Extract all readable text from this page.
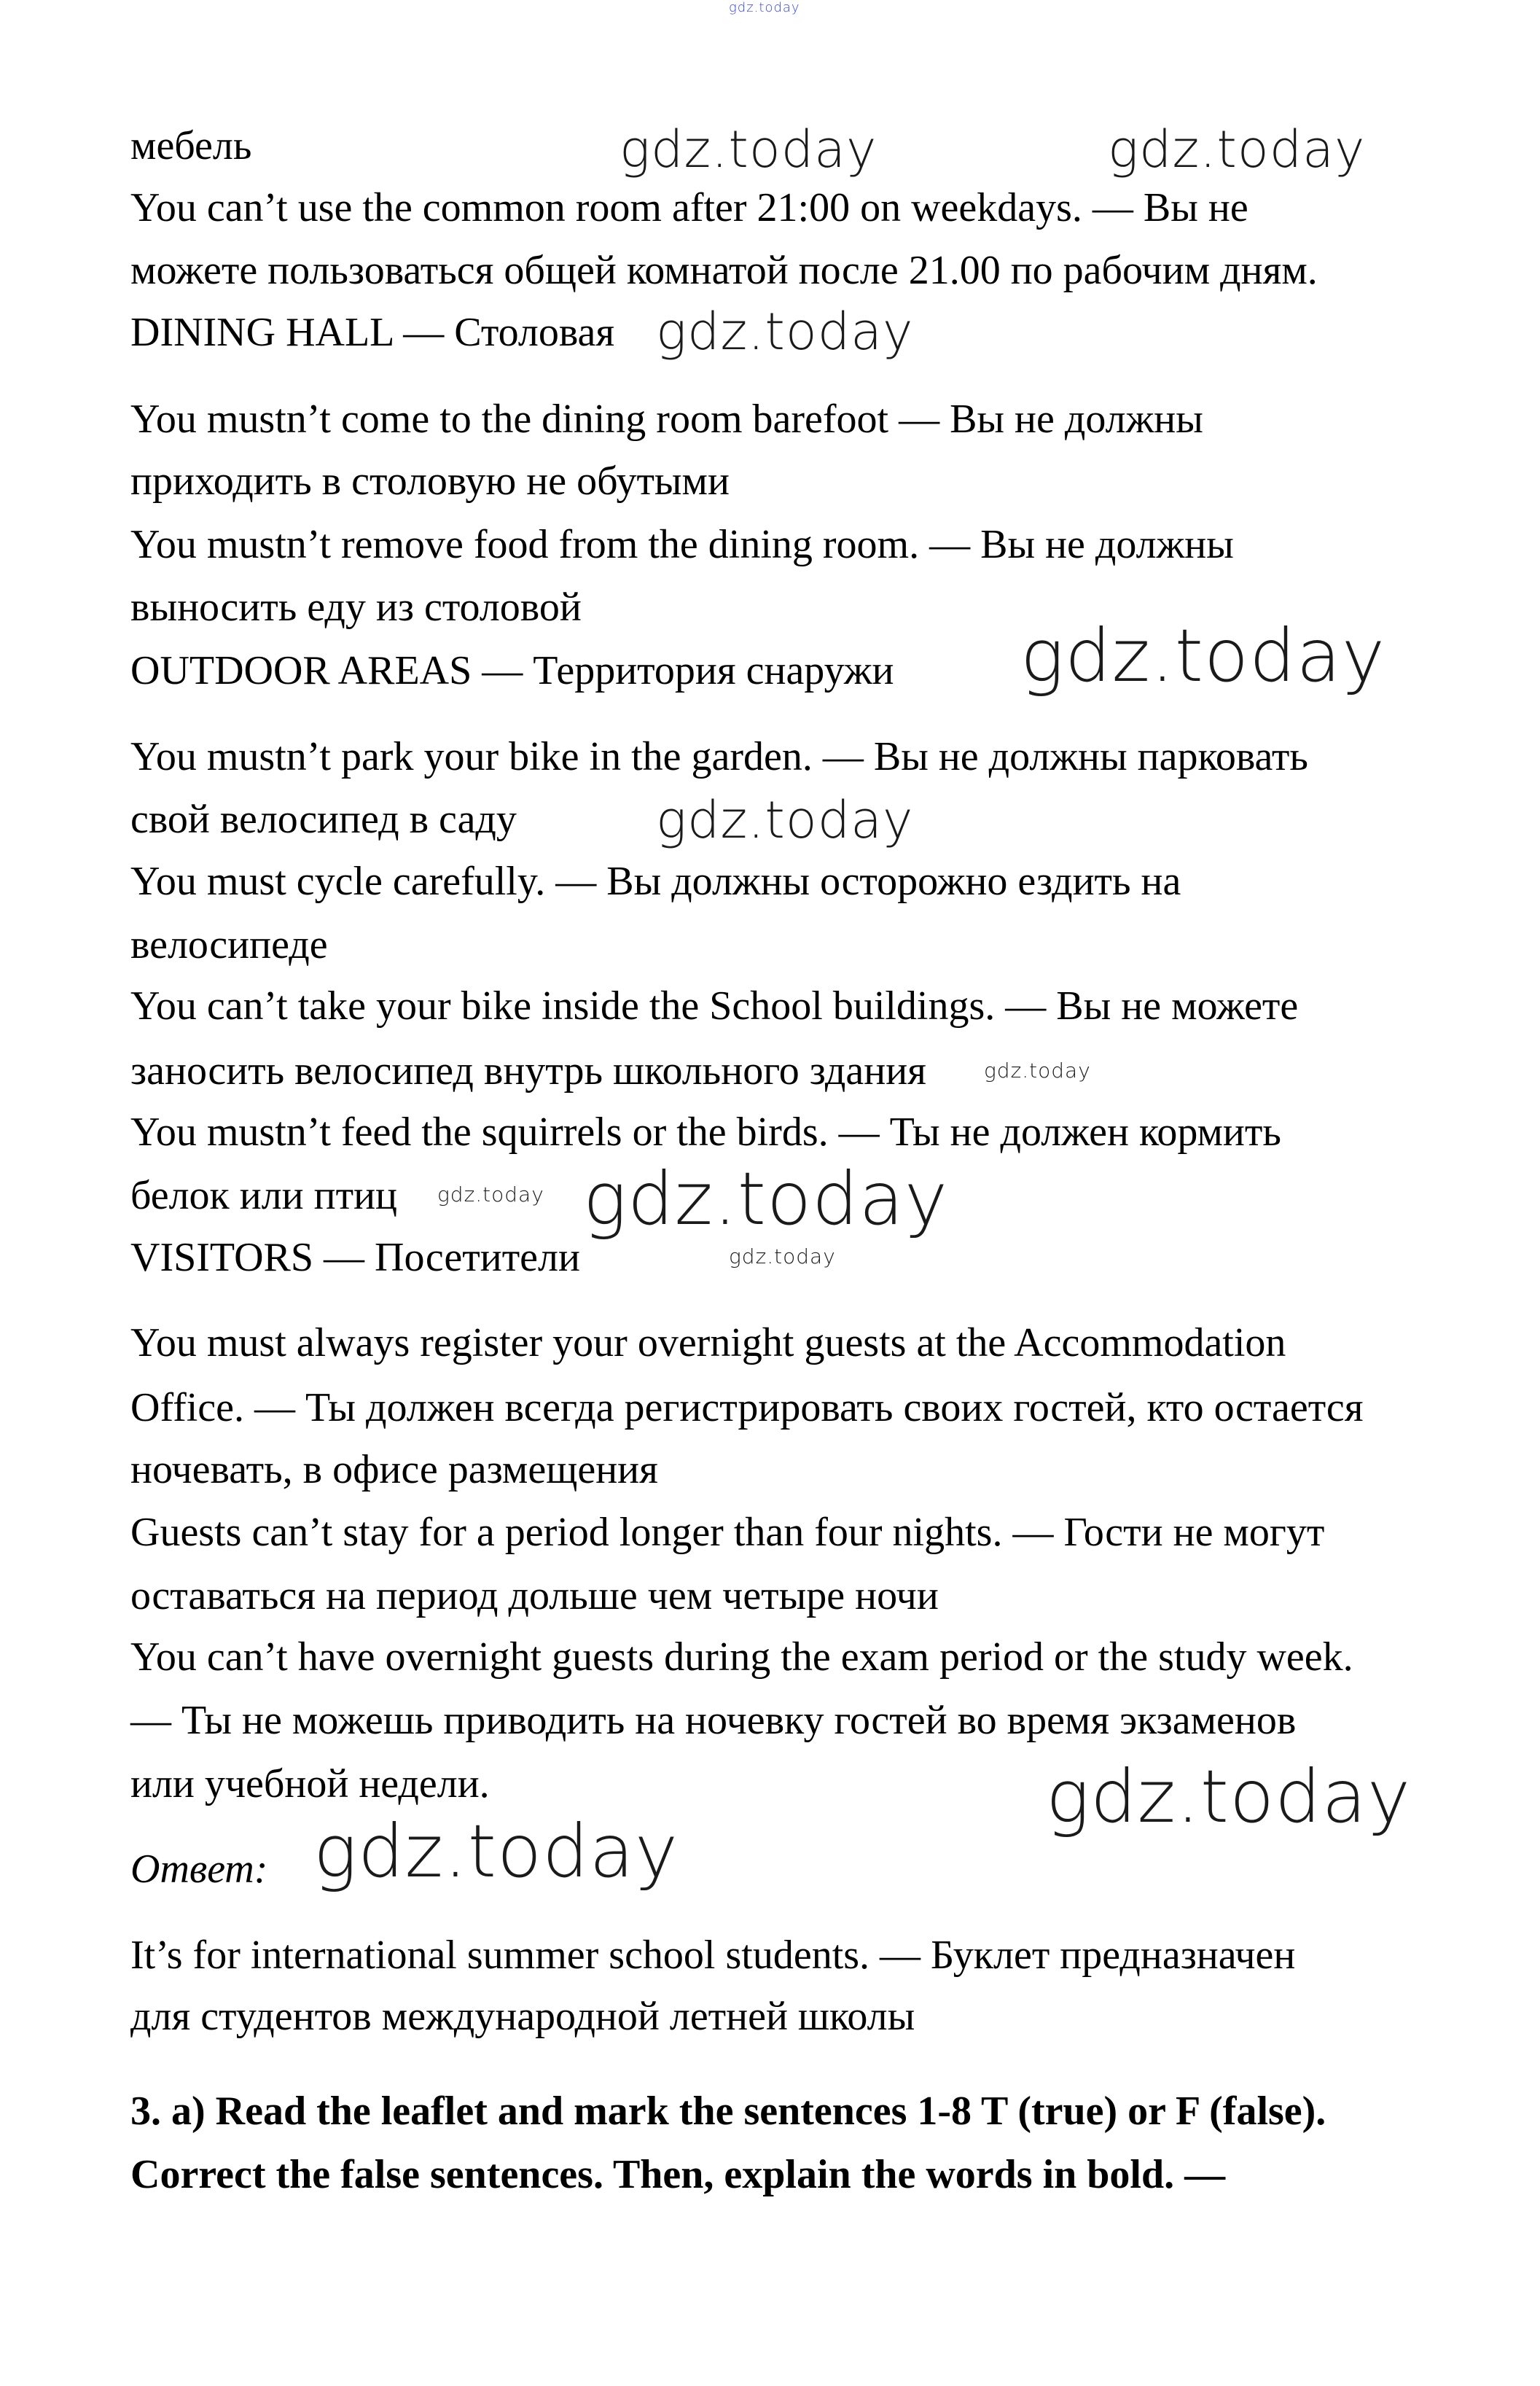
gdz.today
мебель
You can’t use the common room after 21:00 on weekdays. — Вы не
можете пользоваться общей комнатой после 21.00 по рабочим дням.
DINING HALL — Столовая
You mustn’t come to the dining room barefoot — Вы не должны
приходить в столовую не обутыми
You mustn’t remove food from the dining room. — Вы не должны
выносить еду из столовой
OUTDOOR AREAS — Территория снаружи
You mustn’t park your bike in the garden. — Вы не должны парковать
свой велосипед в саду
You must cycle carefully. — Вы должны осторожно ездить на
велосипеде
You can’t take your bike inside the School buildings. — Вы не можете
заносить велосипед внутрь школьного здания
You mustn’t feed the squirrels or the birds. — Ты не должен кормить
белок или птиц
VISITORS — Посетители
You must always register your overnight guests at the Accommodation
Office. — Ты должен всегда регистрировать своих гостей, кто остается
ночевать, в офисе размещения
Guests can’t stay for a period longer than four nights. — Гости не могут
оставаться на период дольше чем четыре ночи
You can’t have overnight guests during the exam period or the study week.
— Ты не можешь приводить на ночевку гостей во время экзаменов
или учебной недели.
Ответ:
It’s for international summer school students. — Буклет предназначен
для студентов международной летней школы
3. a) Read the leaflet and mark the sentences 1-8 T (true) or F (false).
Correct the false sentences. Then, explain the words in bold. —
gdz.today	gdz.today
gdz.today
gdz.today
gdz.today
gdz.today
gdz.today
gdz.today
gdz.today
gdz.today
gdz.today
